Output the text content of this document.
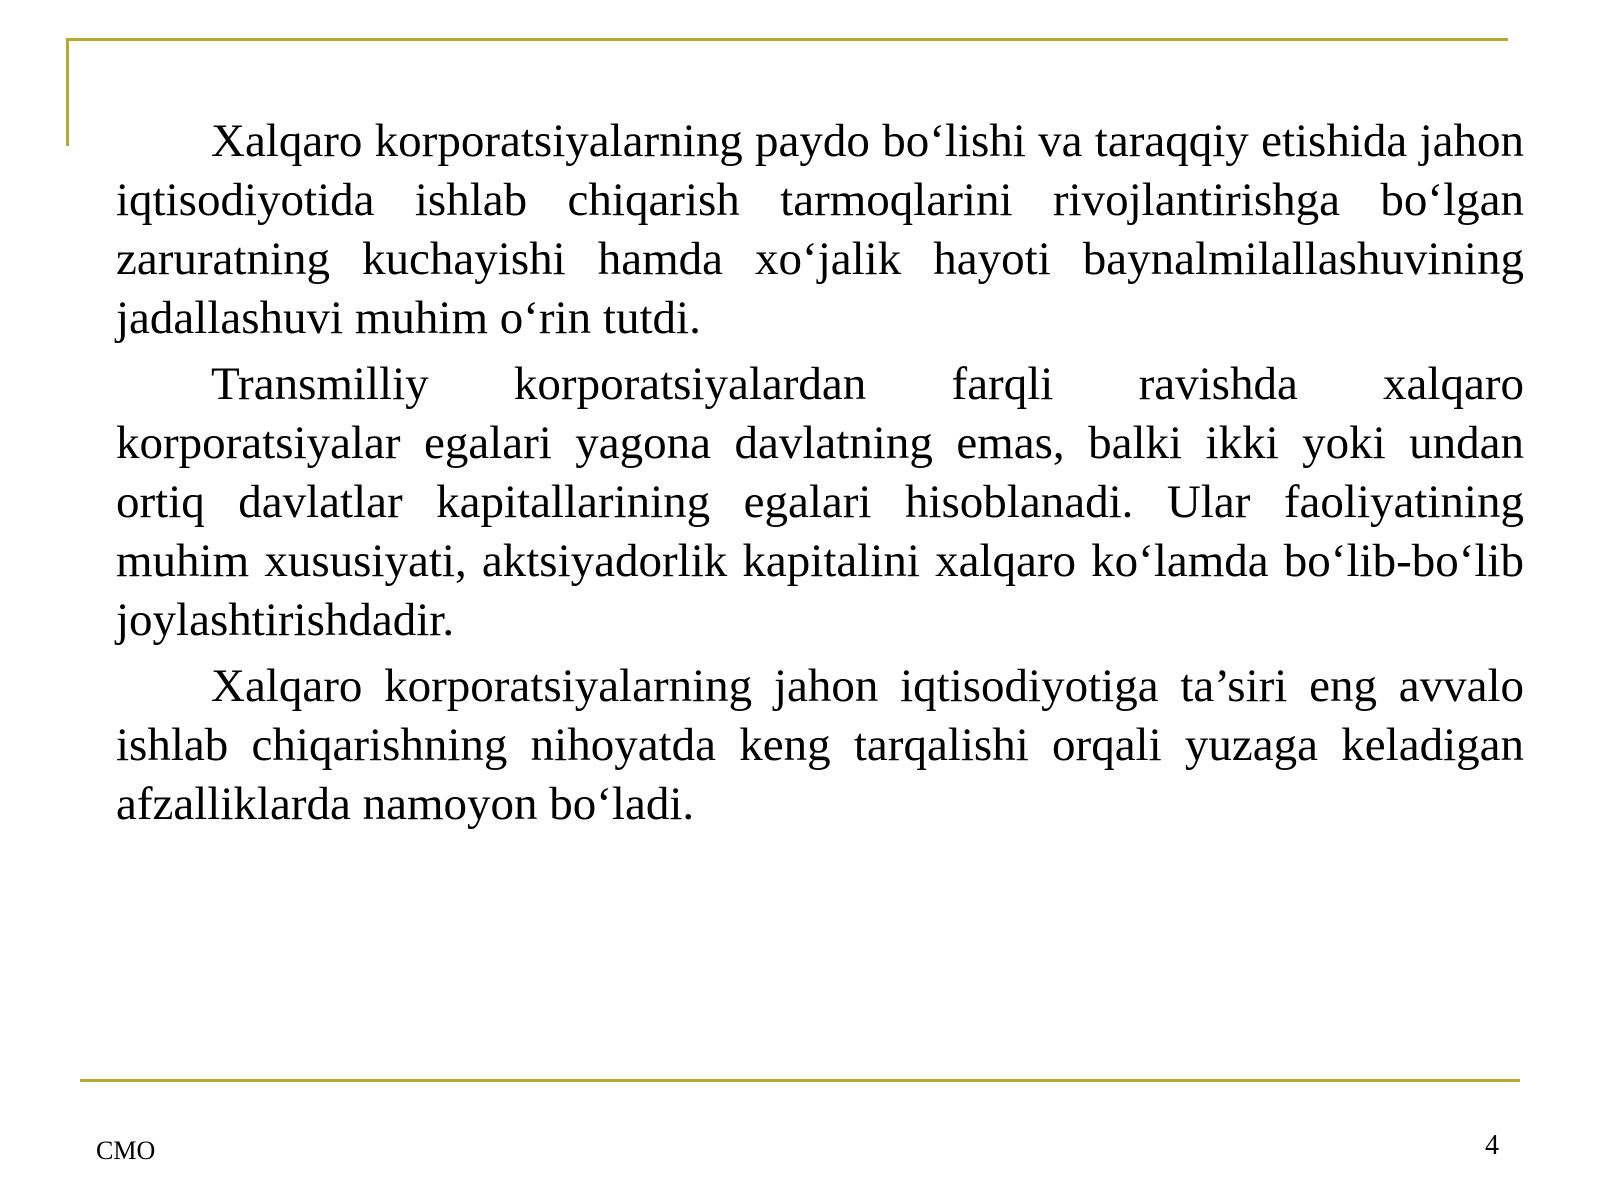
Xalqaro korporatsiyalarning paydo bo‘lishi va taraqqiy etishida jahon iqtisodiyotida ishlab chiqarish tarmoqlarini rivojlantirishga bo‘lgan zaruratning kuchayishi hamda xo‘jalik hayoti baynalmilallashuvining jadallashuvi muhim o‘rin tutdi.

Transmilliy korporatsiyalardan farqli ravishda xalqaro korporatsiyalar egalari yagona davlatning emas, balki ikki yoki undan ortiq davlatlar kapitallarining egalari hisoblanadi. Ular faoliyatining muhim xususiyati, aktsiyadorlik kapitalini xalqaro ko‘lamda bo‘lib-bo‘lib joylashtirishdadir.

Xalqaro korporatsiyalarning jahon iqtisodiyotiga ta’siri eng avvalo ishlab chiqarishning nihoyatda keng tarqalishi orqali yuzaga keladigan afzalliklarda namoyon bo‘ladi.

CMO	4
